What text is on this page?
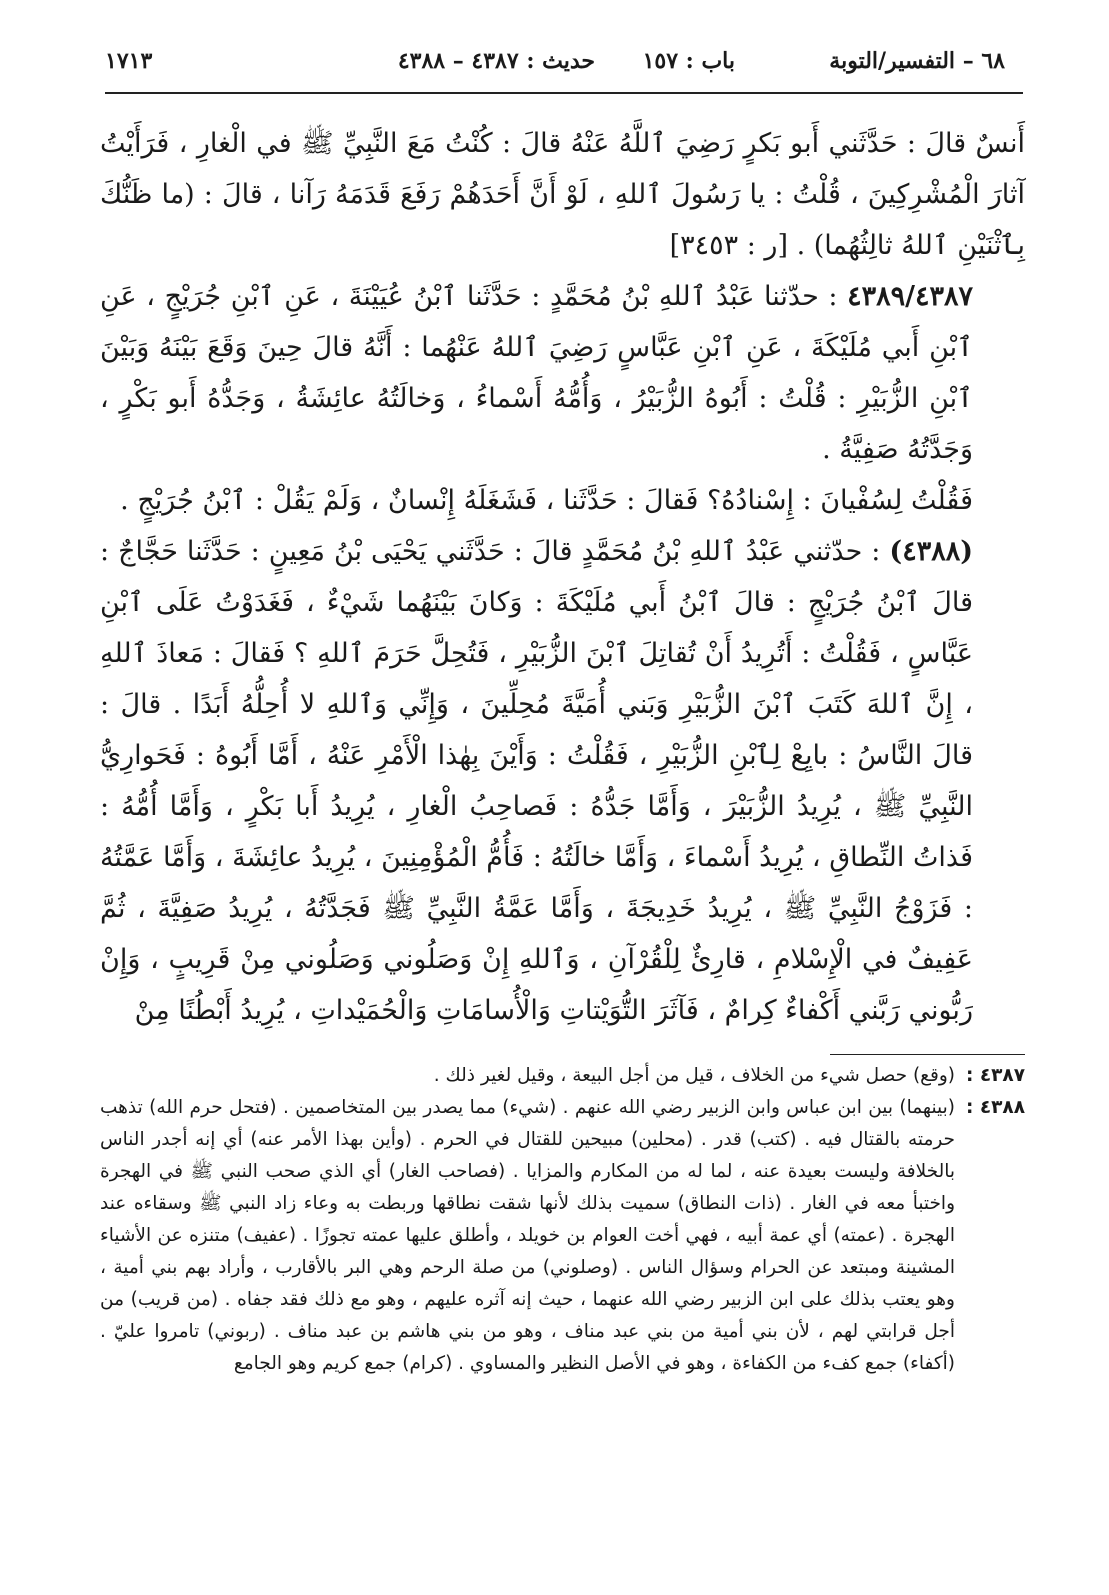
٦٨ – التفسير/التوبة
باب : ١٥٧
حديث : ٤٣٨٧ – ٤٣٨٨
١٧١٣

أَنسٌ قالَ : حَدَّثَني أَبو بَكرٍ رَضِيَ ٱللَّهُ عَنْهُ قالَ : كُنْتُ مَعَ النَّبِيِّ ﷺ في الْغارِ ، فَرَأَيْتُ آثارَ الْمُشْرِكِينَ ، قُلْتُ : يا رَسُولَ ٱللهِ ، لَوْ أَنَّ أَحَدَهُمْ رَفَعَ قَدَمَهُ رَآنا ، قالَ : (ما ظَنُّكَ بِٱثْنَيْنِ ٱللهُ ثالِثُهُما) . [ر : ٣٤٥٣]

٤٣٨٩/٤٣٨٧ : حدّثنا عَبْدُ ٱللهِ بْنُ مُحَمَّدٍ : حَدَّثَنا ٱبْنُ عُيَيْنَةَ ، عَنِ ٱبْنِ جُرَيْجٍ ، عَنِ ٱبْنِ أَبي مُلَيْكَةَ ، عَنِ ٱبْنِ عَبَّاسٍ رَضِيَ ٱللهُ عَنْهُما : أَنَّهُ قالَ حِينَ وَقَعَ بَيْنَهُ وَبَيْنَ ٱبْنِ الزُّبَيْرِ : قُلْتُ : أَبُوهُ الزُّبَيْرُ ، وَأُمُّهُ أَسْماءُ ، وَخالَتُهُ عائِشَةُ ، وَجَدُّهُ أَبو بَكْرٍ ، وَجَدَّتُهُ صَفِيَّةُ .

فَقُلْتُ لِسُفْيانَ : إِسْنادُهُ؟ فَقالَ : حَدَّثَنا ، فَشَغَلَهُ إِنْسانٌ ، وَلَمْ يَقُلْ : ٱبْنُ جُرَيْجٍ .

(٤٣٨٨) : حدّثني عَبْدُ ٱللهِ بْنُ مُحَمَّدٍ قالَ : حَدَّثَني يَحْيَى بْنُ مَعِينٍ : حَدَّثَنا حَجَّاجٌ : قالَ ٱبْنُ جُرَيْجٍ : قالَ ٱبْنُ أَبي مُلَيْكَةَ : وَكانَ بَيْنَهُما شَيْءٌ ، فَغَدَوْتُ عَلَى ٱبْنِ عَبَّاسٍ ، فَقُلْتُ : أَتُرِيدُ أَنْ تُقاتِلَ ٱبْنَ الزُّبَيْرِ ، فَتُحِلَّ حَرَمَ ٱللهِ ؟ فَقالَ : مَعاذَ ٱللهِ ، إِنَّ ٱللهَ كَتَبَ ٱبْنَ الزُّبَيْرِ وَبَني أُمَيَّةَ مُحِلِّينَ ، وَإِنِّي وَٱللهِ لا أُحِلُّهُ أَبَدًا . قالَ : قالَ النَّاسُ : بايِعْ لِٱبْنِ الزُّبَيْرِ ، فَقُلْتُ : وَأَيْنَ بِهٰذا الْأَمْرِ عَنْهُ ، أَمَّا أَبُوهُ : فَحَوارِيُّ النَّبِيِّ ﷺ ، يُرِيدُ الزُّبَيْرَ ، وَأَمَّا جَدُّهُ : فَصاحِبُ الْغارِ ، يُرِيدُ أَبا بَكْرٍ ، وَأَمَّا أُمُّهُ : فَذاتُ النِّطاقِ ، يُرِيدُ أَسْماءَ ، وَأَمَّا خالَتُهُ : فَأُمُّ الْمُؤْمِنِينَ ، يُرِيدُ عائِشَةَ ، وَأَمَّا عَمَّتُهُ : فَزَوْجُ النَّبِيِّ ﷺ ، يُرِيدُ خَدِيجَةَ ، وَأَمَّا عَمَّةُ النَّبِيِّ ﷺ فَجَدَّتُهُ ، يُرِيدُ صَفِيَّةَ ، ثُمَّ عَفِيفٌ في الْإِسْلامِ ، قارِئٌ لِلْقُرْآنِ ، وَٱللهِ إِنْ وَصَلُوني وَصَلُوني مِنْ قَرِيبٍ ، وَإِنْ رَبُّوني رَبَّني أَكْفاءٌ كِرامٌ ، فَآثَرَ التُّوَيْتاتِ وَالْأُسامَاتِ وَالْحُمَيْداتِ ، يُرِيدُ أَبْطُنًا مِنْ

٤٣٨٧ :
(وقع) حصل شيء من الخلاف ، قيل من أجل البيعة ، وقيل لغير ذلك .
٤٣٨٨ :
(بينهما) بين ابن عباس وابن الزبير رضي الله عنهم . (شيء) مما يصدر بين المتخاصمين . (فتحل حرم الله) تذهب حرمته بالقتال فيه . (كتب) قدر . (محلين) مبيحين للقتال في الحرم . (وأين بهذا الأمر عنه) أي إنه أجدر الناس بالخلافة وليست بعيدة عنه ، لما له من المكارم والمزايا . (فصاحب الغار) أي الذي صحب النبي ﷺ في الهجرة واختبأ معه في الغار . (ذات النطاق) سميت بذلك لأنها شقت نطاقها وربطت به وعاء زاد النبي ﷺ وسقاءه عند الهجرة . (عمته) أي عمة أبيه ، فهي أخت العوام بن خويلد ، وأطلق عليها عمته تجوزًا . (عفيف) متنزه عن الأشياء المشينة ومبتعد عن الحرام وسؤال الناس . (وصلوني) من صلة الرحم وهي البر بالأقارب ، وأراد بهم بني أمية ، وهو يعتب بذلك على ابن الزبير رضي الله عنهما ، حيث إنه آثره عليهم ، وهو مع ذلك فقد جفاه . (من قريب) من أجل قرابتي لهم ، لأن بني أمية من بني عبد مناف ، وهو من بني هاشم بن عبد مناف . (ربوني) تامروا عليّ . (أكفاء) جمع كفء من الكفاءة ، وهو في الأصل النظير والمساوي . (كرام) جمع كريم وهو الجامع
